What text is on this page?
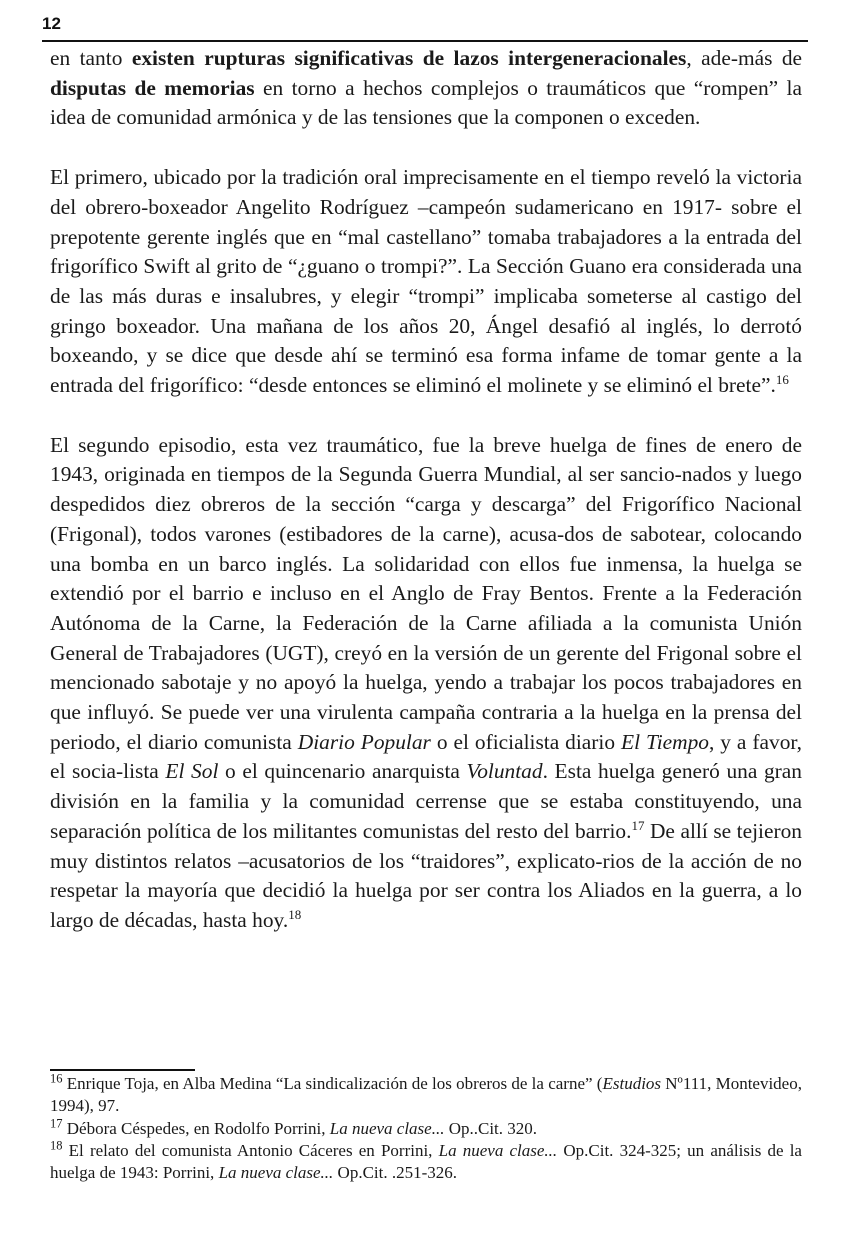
12

en tanto existen rupturas significativas de lazos intergeneracionales, ade-más de disputas de memorias en torno a hechos complejos o traumáticos que “rompen” la idea de comunidad armónica y de las tensiones que la componen o exceden.

El primero, ubicado por la tradición oral imprecisamente en el tiempo reveló la victoria del obrero-boxeador Angelito Rodríguez –campeón sudamericano en 1917- sobre el prepotente gerente inglés que en “mal castellano” tomaba trabajadores a la entrada del frigorífico Swift al grito de “¿guano o trompi?”. La Sección Guano era considerada una de las más duras e insalubres, y elegir “trompi” implicaba someterse al castigo del gringo boxeador. Una mañana de los años 20, Ángel desafió al inglés, lo derrotó boxeando, y se dice que desde ahí se terminó esa forma infame de tomar gente a la entrada del frigorífico: “desde entonces se eliminó el molinete y se eliminó el brete”.$^{16}$

El segundo episodio, esta vez traumático, fue la breve huelga de fines de enero de 1943, originada en tiempos de la Segunda Guerra Mundial, al ser sancio-nados y luego despedidos diez obreros de la sección “carga y descarga” del Frigorífico Nacional (Frigonal), todos varones (estibadores de la carne), acusa-dos de sabotear, colocando una bomba en un barco inglés. La solidaridad con ellos fue inmensa, la huelga se extendió por el barrio e incluso en el Anglo de Fray Bentos. Frente a la Federación Autónoma de la Carne, la Federación de la Carne afiliada a la comunista Unión General de Trabajadores (UGT), creyó en la versión de un gerente del Frigonal sobre el mencionado sabotaje y no apoyó la huelga, yendo a trabajar los pocos trabajadores en que influyó. Se puede ver una virulenta campaña contraria a la huelga en la prensa del periodo, el diario comunista Diario Popular o el oficialista diario El Tiempo, y a favor, el socia-lista El Sol o el quincenario anarquista Voluntad. Esta huelga generó una gran división en la familia y la comunidad cerrense que se estaba constituyendo, una separación política de los militantes comunistas del resto del barrio.$^{17}$ De allí se tejieron muy distintos relatos –acusatorios de los “traidores”, explicato-rios de la acción de no respetar la mayoría que decidió la huelga por ser contra los Aliados en la guerra, a lo largo de décadas, hasta hoy.$^{18}$

$^{16}$ Enrique Toja, en Alba Medina “La sindicalización de los obreros de la carne” (Estudios Nº111, Montevideo, 1994), 97.

$^{17}$ Débora Céspedes, en Rodolfo Porrini, La nueva clase... Op..Cit. 320.

$^{18}$ El relato del comunista Antonio Cáceres en Porrini, La nueva clase... Op.Cit. 324-325; un análisis de la huelga de 1943: Porrini, La nueva clase... Op.Cit. .251-326.
